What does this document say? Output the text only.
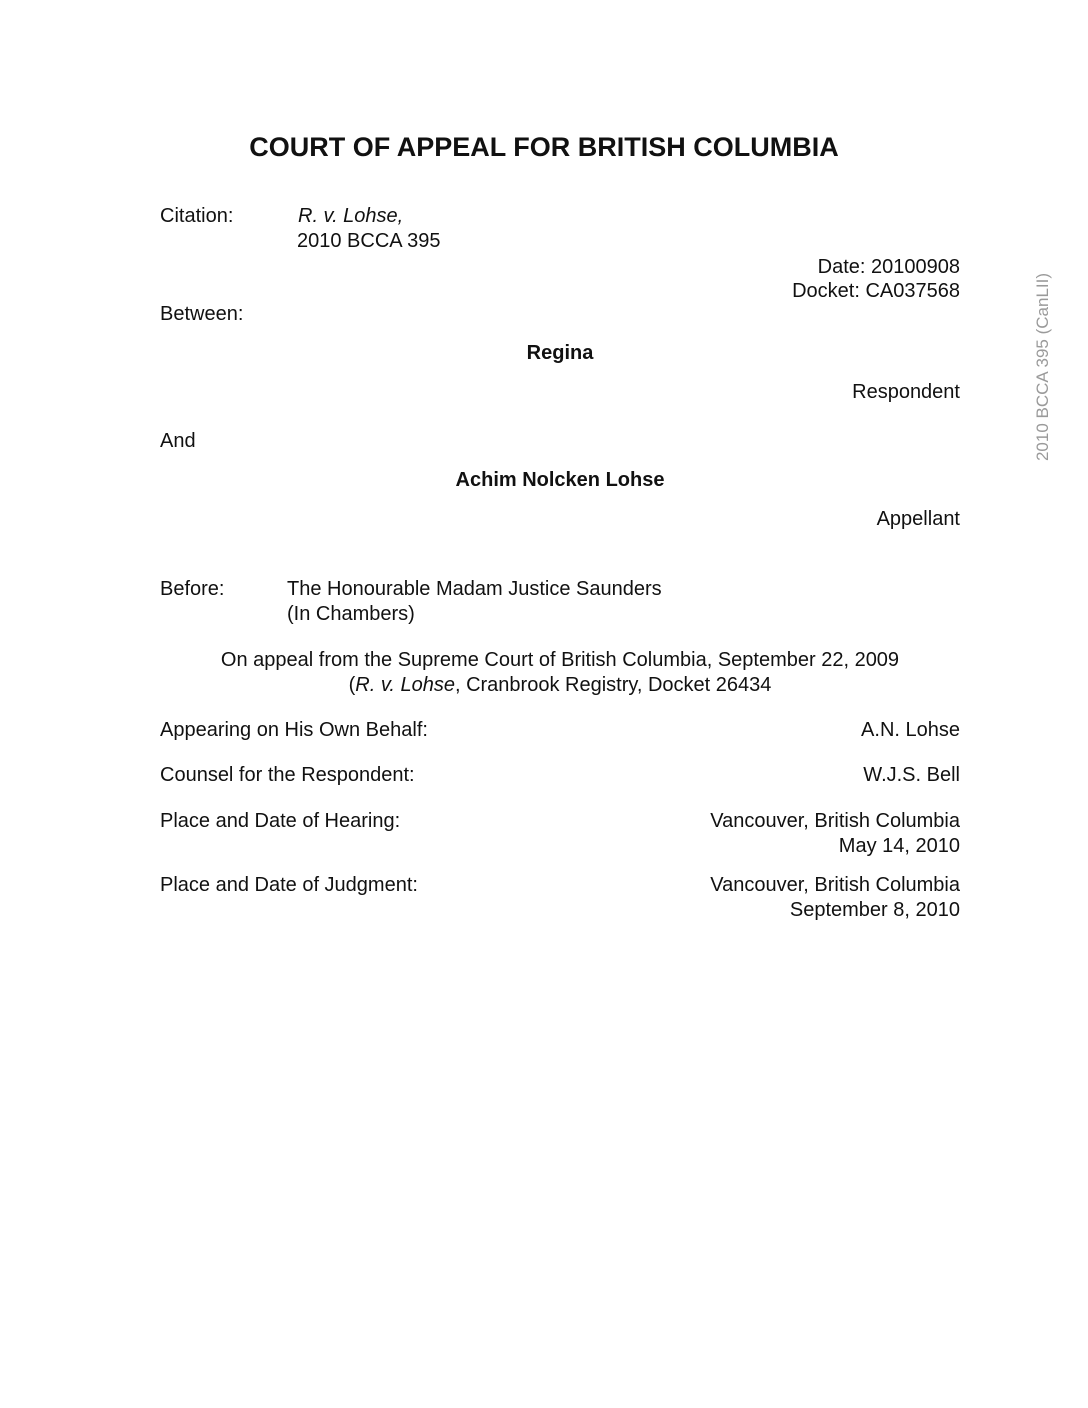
COURT OF APPEAL FOR BRITISH COLUMBIA
Citation:	R. v. Lohse,
2010 BCCA 395
Date: 20100908
Docket: CA037568
Between:
Regina
Respondent
And
Achim Nolcken Lohse
Appellant
Before:	The Honourable Madam Justice Saunders
(In Chambers)
On appeal from the Supreme Court of British Columbia, September 22, 2009
(R. v. Lohse, Cranbrook Registry, Docket 26434
Appearing on His Own Behalf:	A.N. Lohse
Counsel for the Respondent:	W.J.S. Bell
Place and Date of Hearing:	Vancouver, British Columbia
May 14, 2010
Place and Date of Judgment:	Vancouver, British Columbia
September 8, 2010
2010 BCCA 395 (CanLII)
